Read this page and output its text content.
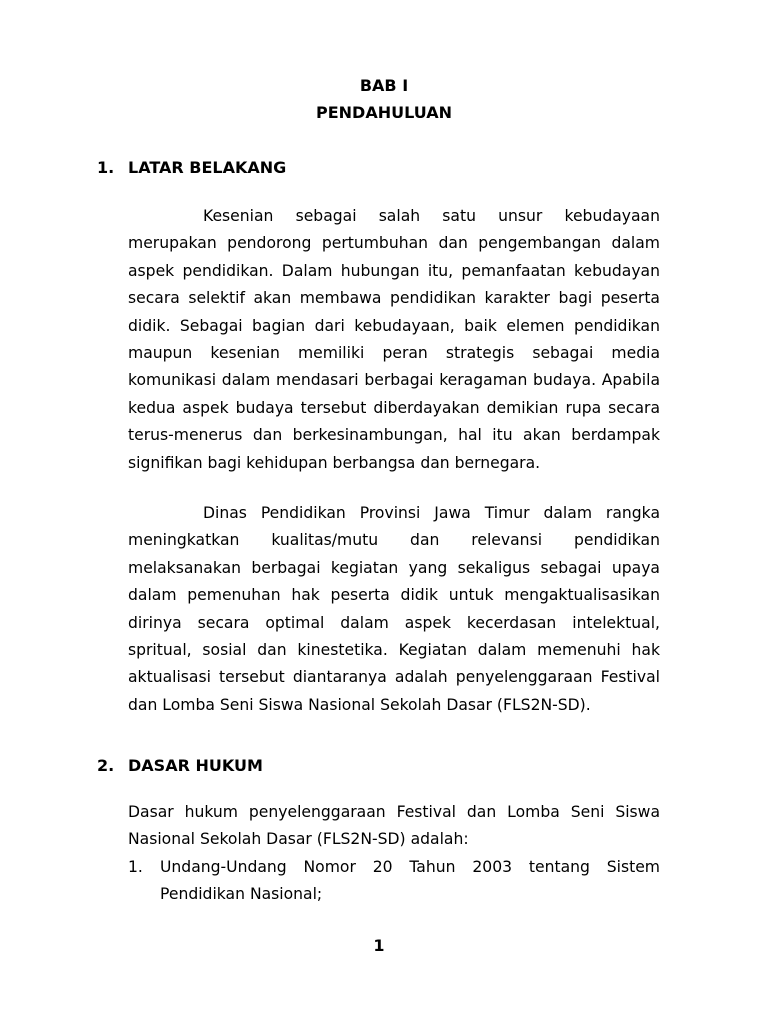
BAB I

PENDAHULUAN

1. LATAR BELAKANG

Kesenian sebagai salah satu unsur kebudayaan merupakan pendorong pertumbuhan dan pengembangan dalam aspek pendidikan. Dalam hubungan itu, pemanfaatan kebudayan secara selektif akan membawa pendidikan karakter bagi peserta didik. Sebagai bagian dari kebudayaan, baik elemen pendidikan maupun kesenian memiliki peran strategis sebagai media komunikasi dalam mendasari berbagai keragaman budaya. Apabila kedua aspek budaya tersebut diberdayakan demikian rupa secara terus-menerus dan berkesinambungan, hal itu akan berdampak signifikan bagi kehidupan berbangsa dan bernegara.

Dinas Pendidikan Provinsi Jawa Timur dalam rangka meningkatkan kualitas/mutu dan relevansi pendidikan melaksanakan berbagai kegiatan yang sekaligus sebagai upaya dalam pemenuhan hak peserta didik untuk mengaktualisasikan dirinya secara optimal dalam aspek kecerdasan intelektual, spritual, sosial dan kinestetika. Kegiatan dalam memenuhi hak aktualisasi tersebut diantaranya adalah penyelenggaraan Festival dan Lomba Seni Siswa Nasional Sekolah Dasar (FLS2N-SD).

2. DASAR HUKUM

Dasar hukum penyelenggaraan Festival dan Lomba Seni Siswa Nasional Sekolah Dasar (FLS2N-SD) adalah:

1. Undang-Undang Nomor 20 Tahun 2003 tentang Sistem Pendidikan Nasional;

1
